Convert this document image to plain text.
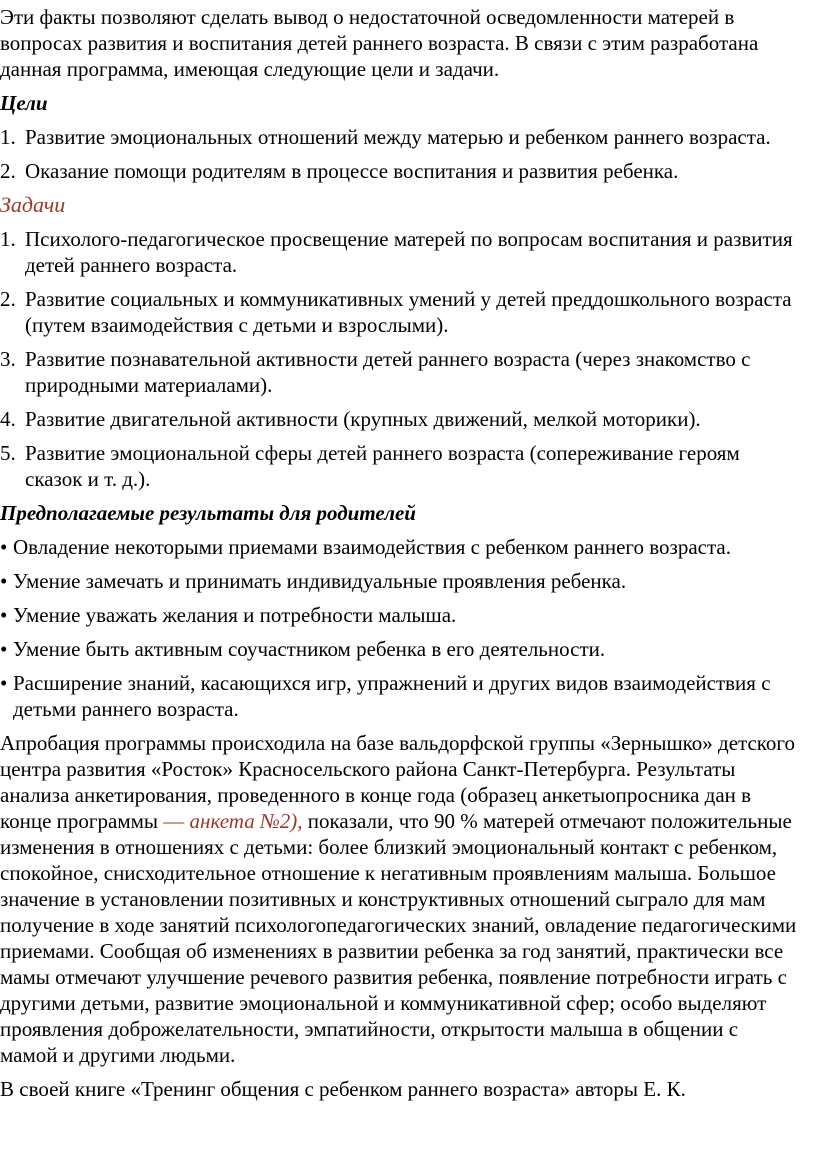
Эти факты позволяют сделать вывод о недостаточной осведомленности матерей в вопросах развития и воспитания детей раннего возраста. В связи с этим разработана данная программа, имеющая следующие цели и задачи.

Цели

1. Развитие эмоциональных отношений между матерью и ребенком раннего возраста.
2. Оказание помощи родителям в процессе воспитания и развития ребенка.

Задачи

1. Психолого-педагогическое просвещение матерей по вопросам воспитания и развития детей раннего возраста.
2. Развитие социальных и коммуникативных умений у детей преддошкольного возраста (путем взаимодействия с детьми и взрослыми).
3. Развитие познавательной активности детей раннего возраста (через знакомство с природными материалами).
4. Развитие двигательной активности (крупных движений, мелкой моторики).
5. Развитие эмоциональной сферы детей раннего возраста (сопереживание героям сказок и т. д.).

Предполагаемые результаты для родителей

• Овладение некоторыми приемами взаимодействия с ребенком раннего возраста.
• Умение замечать и принимать индивидуальные проявления ребенка.
• Умение уважать желания и потребности малыша.
• Умение быть активным соучастником ребенка в его деятельности.
• Расширение знаний, касающихся игр, упражнений и других видов взаимодействия с детьми раннего возраста.

Апробация программы происходила на базе вальдорфской группы «Зернышко» детского центра развития «Росток» Красносельского района Санкт-Петербурга. Результаты анализа анкетирования, проведенного в конце года (образец анкетыопросника дан в конце программы — анкета №2), показали, что 90 % матерей отмечают положительные изменения в отношениях с детьми: более близкий эмоциональный контакт с ребенком, спокойное, снисходительное отношение к негативным проявлениям малыша. Большое значение в установлении позитивных и конструктивных отношений сыграло для мам получение в ходе занятий психологопедагогических знаний, овладение педагогическими приемами. Сообщая об изменениях в развитии ребенка за год занятий, практически все мамы отмечают улучшение речевого развития ребенка, появление потребности играть с другими детьми, развитие эмоциональной и коммуникативной сфер; особо выделяют проявления доброжелательности, эмпатийности, открытости малыша в общении с мамой и другими людьми.

В своей книге «Тренинг общения с ребенком раннего возраста» авторы Е. К.
